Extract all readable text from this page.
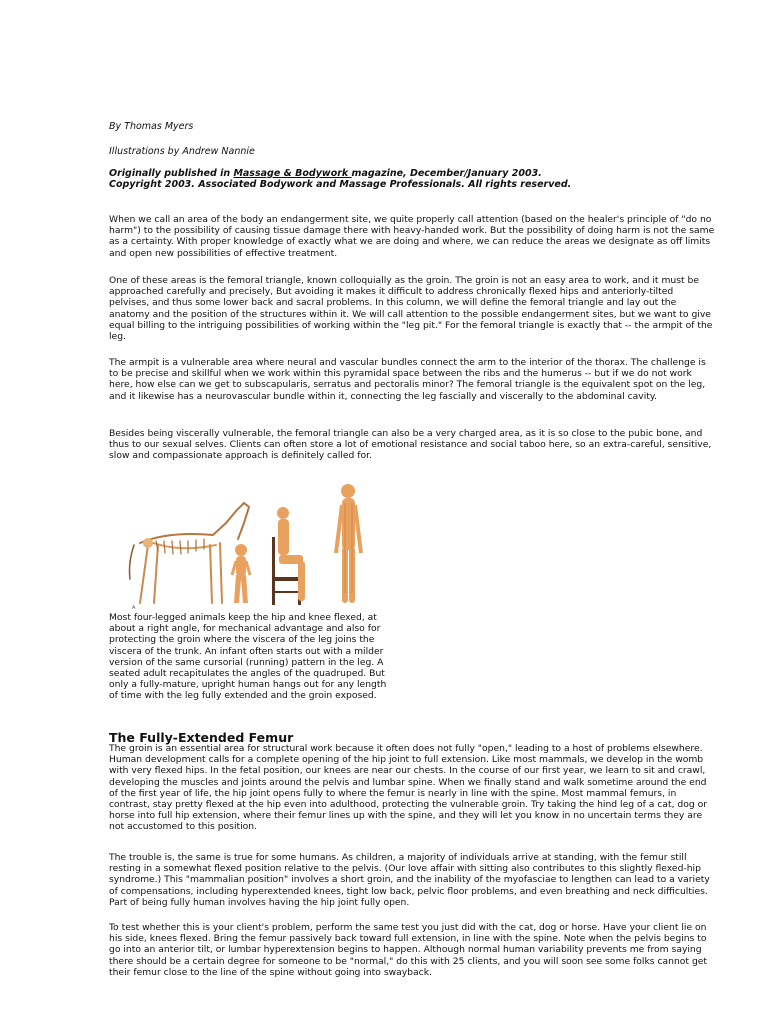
By Thomas Myers
Illustrations by Andrew Nannie
Originally published in Massage & Bodywork magazine, December/January 2003.
Copyright 2003. Associated Bodywork and Massage Professionals. All rights reserved.

When we call an area of the body an endangerment site, we quite properly call attention (based on the healer's principle of "do no harm") to the possibility of causing tissue damage there with heavy-handed work. But the possibility of doing harm is not the same as a certainty. With proper knowledge of exactly what we are doing and where, we can reduce the areas we designate as off limits and open new possibilities of effective treatment.

One of these areas is the femoral triangle, known colloquially as the groin. The groin is not an easy area to work, and it must be approached carefully and precisely, But avoiding it makes it difficult to address chronically flexed hips and anteriorly-tilted pelvises, and thus some lower back and sacral problems. In this column, we will define the femoral triangle and lay out the anatomy and the position of the structures within it. We will call attention to the possible endangerment sites, but we want to give equal billing to the intriguing possibilities of working within the "leg pit." For the femoral triangle is exactly that -- the armpit of the leg.

The armpit is a vulnerable area where neural and vascular bundles connect the arm to the interior of the thorax. The challenge is to be precise and skillful when we work within this pyramidal space between the ribs and the humerus -- but if we do not work here, how else can we get to subscapularis, serratus and pectoralis minor? The femoral triangle is the equivalent spot on the leg, and it likewise has a neurovascular bundle within it, connecting the leg fascially and viscerally to the abdominal cavity.

Besides being viscerally vulnerable, the femoral triangle can also be a very charged area, as it is so close to the pubic bone, and thus to our sexual selves. Clients can often store a lot of emotional resistance and social taboo here, so an extra-careful, sensitive, slow and compassionate approach is definitely called for.

A

Most four-legged animals keep the hip and knee flexed, at about a right angle, for mechanical advantage and also for protecting the groin where the viscera of the leg joins the viscera of the trunk. An infant often starts out with a milder version of the same cursorial (running) pattern in the leg. A seated adult recapitulates the angles of the quadruped. But only a fully-mature, upright human hangs out for any length of time with the leg fully extended and the groin exposed.

The Fully-Extended Femur

The groin is an essential area for structural work because it often does not fully "open," leading to a host of problems elsewhere. Human development calls for a complete opening of the hip joint to full extension. Like most mammals, we develop in the womb with very flexed hips. In the fetal position, our knees are near our chests. In the course of our first year, we learn to sit and crawl, developing the muscles and joints around the pelvis and lumbar spine. When we finally stand and walk sometime around the end of the first year of life, the hip joint opens fully to where the femur is nearly in line with the spine. Most mammal femurs, in contrast, stay pretty flexed at the hip even into adulthood, protecting the vulnerable groin. Try taking the hind leg of a cat, dog or horse into full hip extension, where their femur lines up with the spine, and they will let you know in no uncertain terms they are not accustomed to this position.

The trouble is, the same is true for some humans. As children, a majority of individuals arrive at standing, with the femur still resting in a somewhat flexed position relative to the pelvis. (Our love affair with sitting also contributes to this slightly flexed-hip syndrome.) This "mammalian position" involves a short groin, and the inability of the myofasciae to lengthen can lead to a variety of compensations, including hyperextended knees, tight low back, pelvic floor problems, and even breathing and neck difficulties. Part of being fully human involves having the hip joint fully open.

To test whether this is your client's problem, perform the same test you just did with the cat, dog or horse. Have your client lie on his side, knees flexed. Bring the femur passively back toward full extension, in line with the spine. Note when the pelvis begins to go into an anterior tilt, or lumbar hyperextension begins to happen. Although normal human variability prevents me from saying there should be a certain degree for someone to be "normal," do this with 25 clients, and you will soon see some folks cannot get their femur close to the line of the spine without going into swayback.
